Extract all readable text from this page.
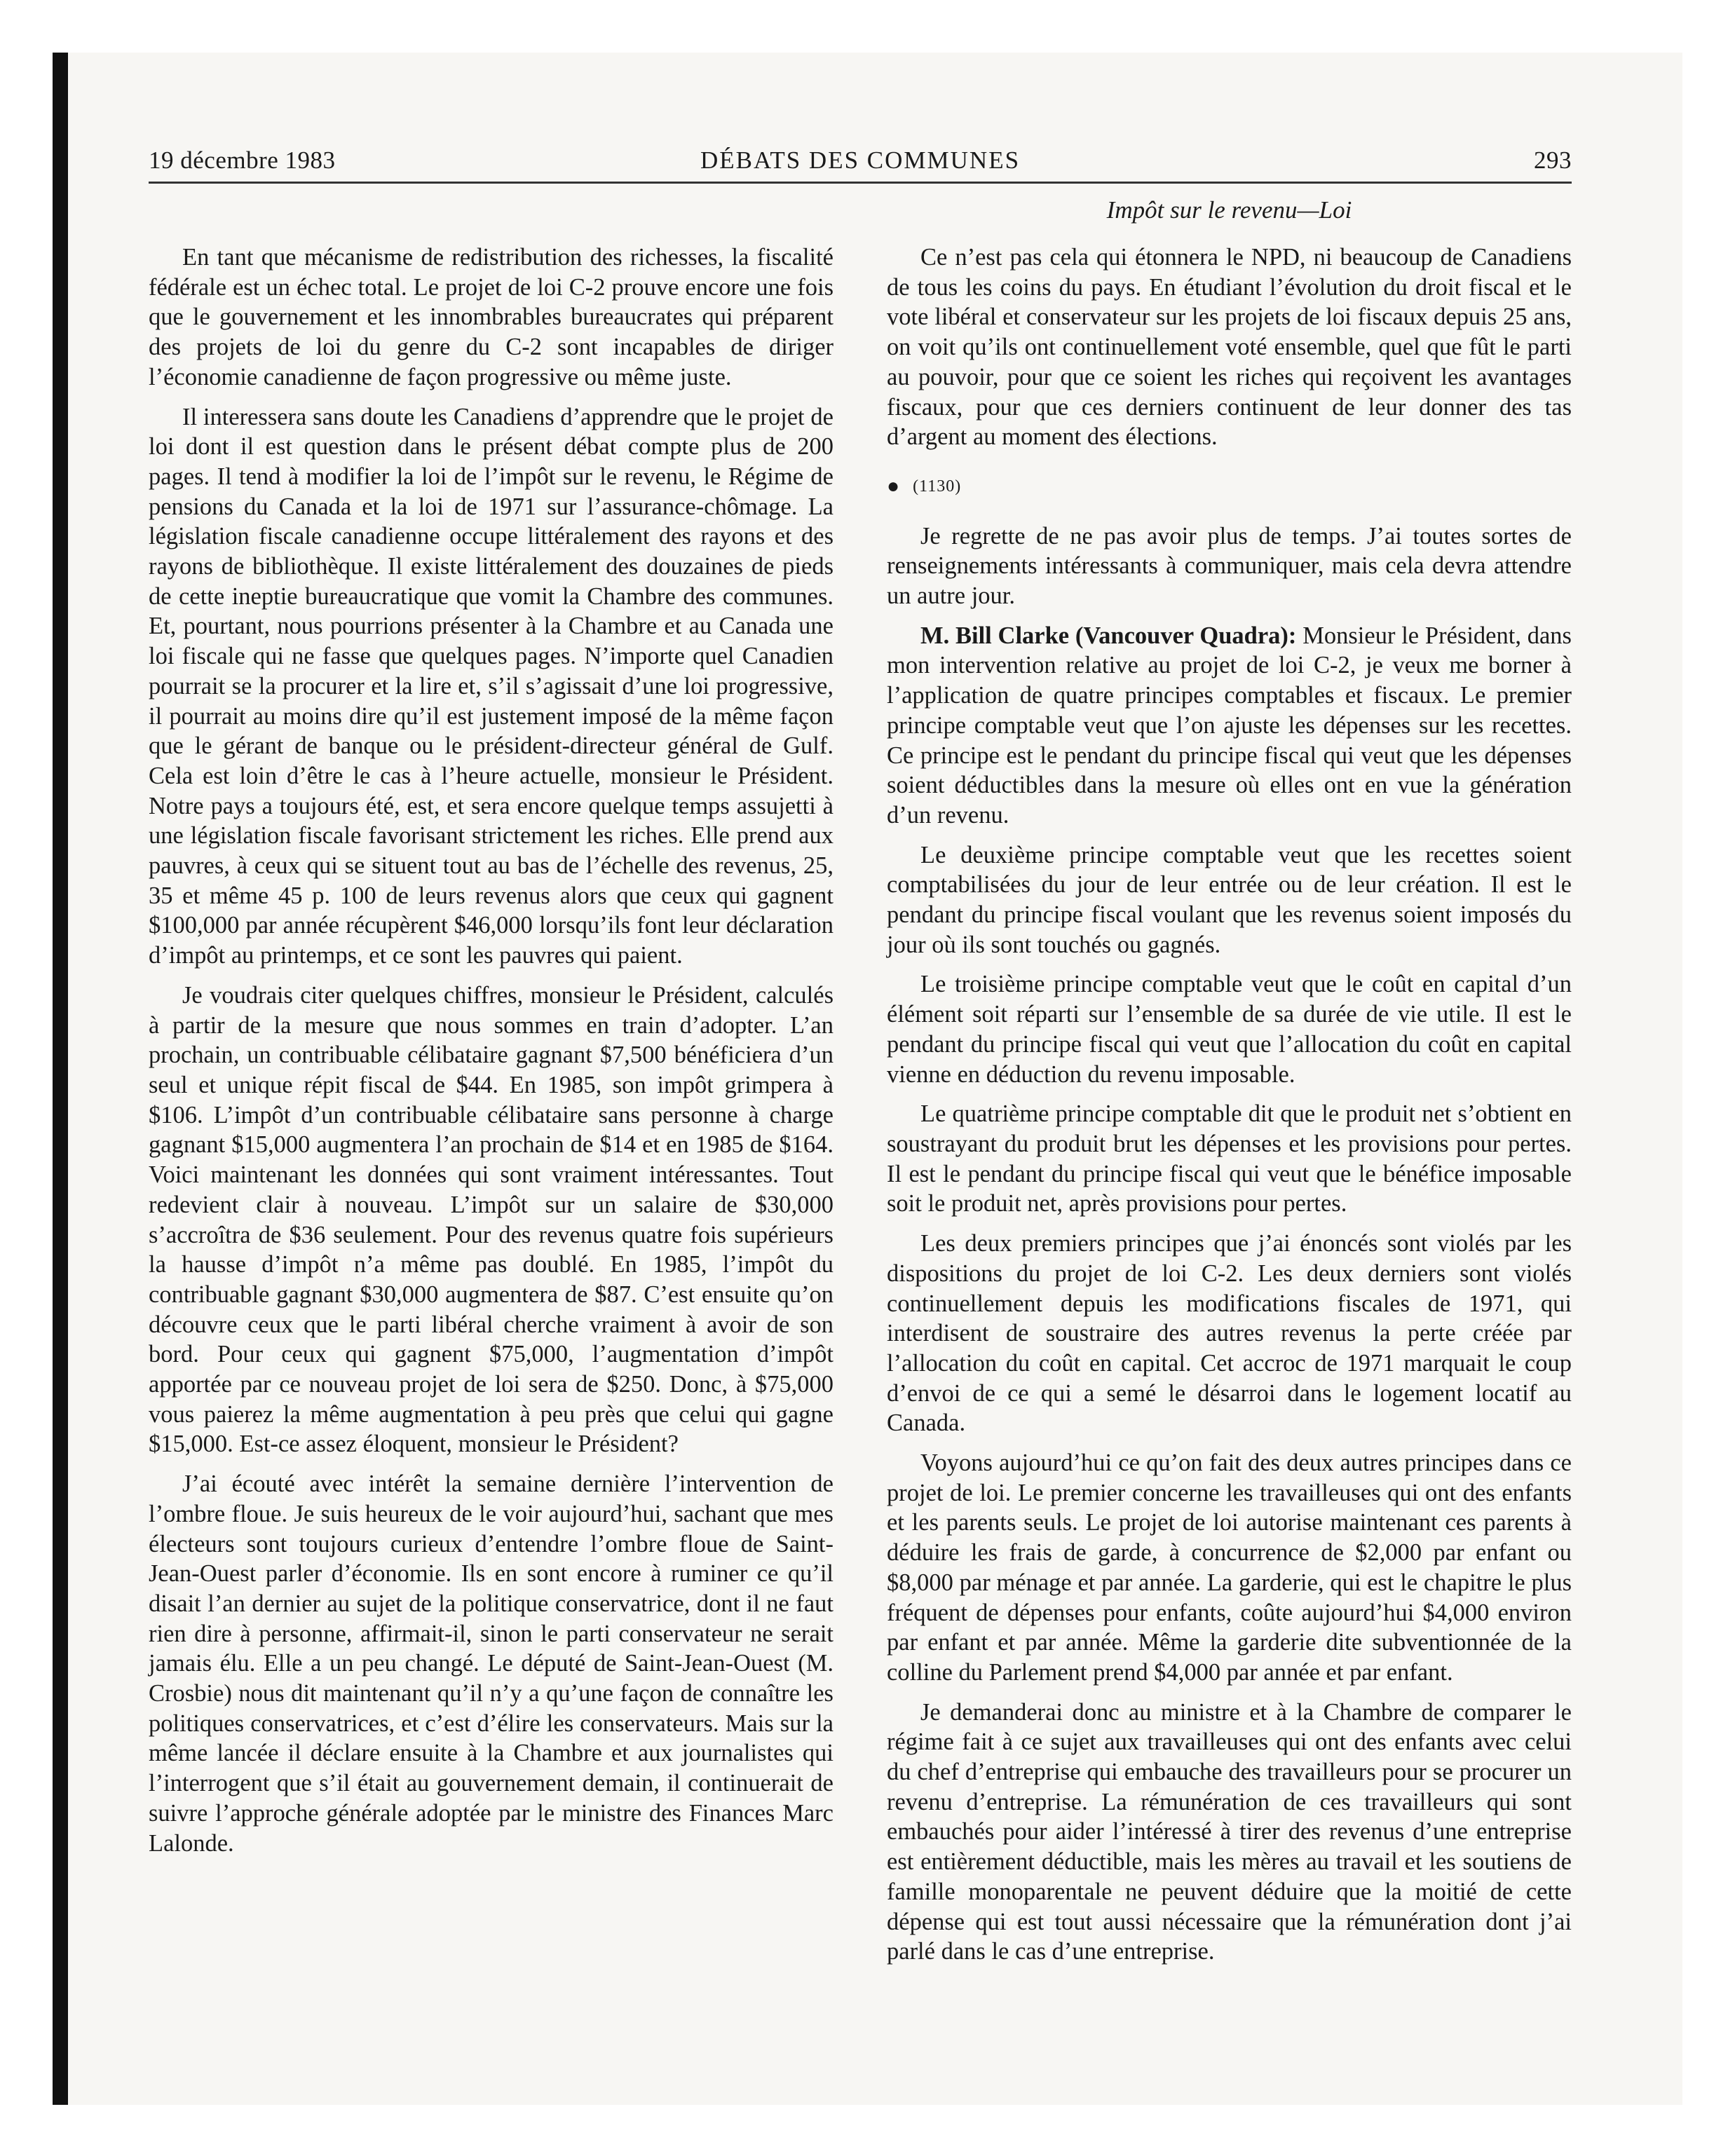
19 décembre 1983	DÉBATS DES COMMUNES	293
Impôt sur le revenu—Loi

En tant que mécanisme de redistribution des richesses, la fiscalité fédérale est un échec total. Le projet de loi C-2 prouve encore une fois que le gouvernement et les innombrables bureaucrates qui préparent des projets de loi du genre du C-2 sont incapables de diriger l’économie canadienne de façon progressive ou même juste.

Il interessera sans doute les Canadiens d’apprendre que le projet de loi dont il est question dans le présent débat compte plus de 200 pages. Il tend à modifier la loi de l’impôt sur le revenu, le Régime de pensions du Canada et la loi de 1971 sur l’assurance-chômage. La législation fiscale canadienne occupe littéralement des rayons et des rayons de bibliothèque. Il existe littéralement des douzaines de pieds de cette ineptie bureaucratique que vomit la Chambre des communes. Et, pourtant, nous pourrions présenter à la Chambre et au Canada une loi fiscale qui ne fasse que quelques pages. N’importe quel Canadien pourrait se la procurer et la lire et, s’il s’agissait d’une loi progressive, il pourrait au moins dire qu’il est justement imposé de la même façon que le gérant de banque ou le président-directeur général de Gulf. Cela est loin d’être le cas à l’heure actuelle, monsieur le Président. Notre pays a toujours été, est, et sera encore quelque temps assujetti à une législation fiscale favorisant strictement les riches. Elle prend aux pauvres, à ceux qui se situent tout au bas de l’échelle des revenus, 25, 35 et même 45 p. 100 de leurs revenus alors que ceux qui gagnent $100,000 par année récupèrent $46,000 lorsqu’ils font leur déclaration d’impôt au printemps, et ce sont les pauvres qui paient.

Je voudrais citer quelques chiffres, monsieur le Président, calculés à partir de la mesure que nous sommes en train d’adopter. L’an prochain, un contribuable célibataire gagnant $7,500 bénéficiera d’un seul et unique répit fiscal de $44. En 1985, son impôt grimpera à $106. L’impôt d’un contribuable célibataire sans personne à charge gagnant $15,000 augmentera l’an prochain de $14 et en 1985 de $164. Voici maintenant les données qui sont vraiment intéressantes. Tout redevient clair à nouveau. L’impôt sur un salaire de $30,000 s’accroîtra de $36 seulement. Pour des revenus quatre fois supérieurs la hausse d’impôt n’a même pas doublé. En 1985, l’impôt du contribuable gagnant $30,000 augmentera de $87. C’est ensuite qu’on découvre ceux que le parti libéral cherche vraiment à avoir de son bord. Pour ceux qui gagnent $75,000, l’augmentation d’impôt apportée par ce nouveau projet de loi sera de $250. Donc, à $75,000 vous paierez la même augmentation à peu près que celui qui gagne $15,000. Est-ce assez éloquent, monsieur le Président?

J’ai écouté avec intérêt la semaine dernière l’intervention de l’ombre floue. Je suis heureux de le voir aujourd’hui, sachant que mes électeurs sont toujours curieux d’entendre l’ombre floue de Saint-Jean-Ouest parler d’économie. Ils en sont encore à ruminer ce qu’il disait l’an dernier au sujet de la politique conservatrice, dont il ne faut rien dire à personne, affirmait-il, sinon le parti conservateur ne serait jamais élu. Elle a un peu changé. Le député de Saint-Jean-Ouest (M. Crosbie) nous dit maintenant qu’il n’y a qu’une façon de connaître les politiques conservatrices, et c’est d’élire les conservateurs. Mais sur la même lancée il déclare ensuite à la Chambre et aux journalistes qui l’interrogent que s’il était au gouvernement demain, il continuerait de suivre l’approche générale adoptée par le ministre des Finances Marc Lalonde.

Ce n’est pas cela qui étonnera le NPD, ni beaucoup de Canadiens de tous les coins du pays. En étudiant l’évolution du droit fiscal et le vote libéral et conservateur sur les projets de loi fiscaux depuis 25 ans, on voit qu’ils ont continuellement voté ensemble, quel que fût le parti au pouvoir, pour que ce soient les riches qui reçoivent les avantages fiscaux, pour que ces derniers continuent de leur donner des tas d’argent au moment des élections.

● (1130)

Je regrette de ne pas avoir plus de temps. J’ai toutes sortes de renseignements intéressants à communiquer, mais cela devra attendre un autre jour.

M. Bill Clarke (Vancouver Quadra): Monsieur le Président, dans mon intervention relative au projet de loi C-2, je veux me borner à l’application de quatre principes comptables et fiscaux. Le premier principe comptable veut que l’on ajuste les dépenses sur les recettes. Ce principe est le pendant du principe fiscal qui veut que les dépenses soient déductibles dans la mesure où elles ont en vue la génération d’un revenu.

Le deuxième principe comptable veut que les recettes soient comptabilisées du jour de leur entrée ou de leur création. Il est le pendant du principe fiscal voulant que les revenus soient imposés du jour où ils sont touchés ou gagnés.

Le troisième principe comptable veut que le coût en capital d’un élément soit réparti sur l’ensemble de sa durée de vie utile. Il est le pendant du principe fiscal qui veut que l’allocation du coût en capital vienne en déduction du revenu imposable.

Le quatrième principe comptable dit que le produit net s’obtient en soustrayant du produit brut les dépenses et les provisions pour pertes. Il est le pendant du principe fiscal qui veut que le bénéfice imposable soit le produit net, après provisions pour pertes.

Les deux premiers principes que j’ai énoncés sont violés par les dispositions du projet de loi C-2. Les deux derniers sont violés continuellement depuis les modifications fiscales de 1971, qui interdisent de soustraire des autres revenus la perte créée par l’allocation du coût en capital. Cet accroc de 1971 marquait le coup d’envoi de ce qui a semé le désarroi dans le logement locatif au Canada.

Voyons aujourd’hui ce qu’on fait des deux autres principes dans ce projet de loi. Le premier concerne les travailleuses qui ont des enfants et les parents seuls. Le projet de loi autorise maintenant ces parents à déduire les frais de garde, à concurrence de $2,000 par enfant ou $8,000 par ménage et par année. La garderie, qui est le chapitre le plus fréquent de dépenses pour enfants, coûte aujourd’hui $4,000 environ par enfant et par année. Même la garderie dite subventionnée de la colline du Parlement prend $4,000 par année et par enfant.

Je demanderai donc au ministre et à la Chambre de comparer le régime fait à ce sujet aux travailleuses qui ont des enfants avec celui du chef d’entreprise qui embauche des travailleurs pour se procurer un revenu d’entreprise. La rémunération de ces travailleurs qui sont embauchés pour aider l’intéressé à tirer des revenus d’une entreprise est entièrement déductible, mais les mères au travail et les soutiens de famille monoparentale ne peuvent déduire que la moitié de cette dépense qui est tout aussi nécessaire que la rémunération dont j’ai parlé dans le cas d’une entreprise.
